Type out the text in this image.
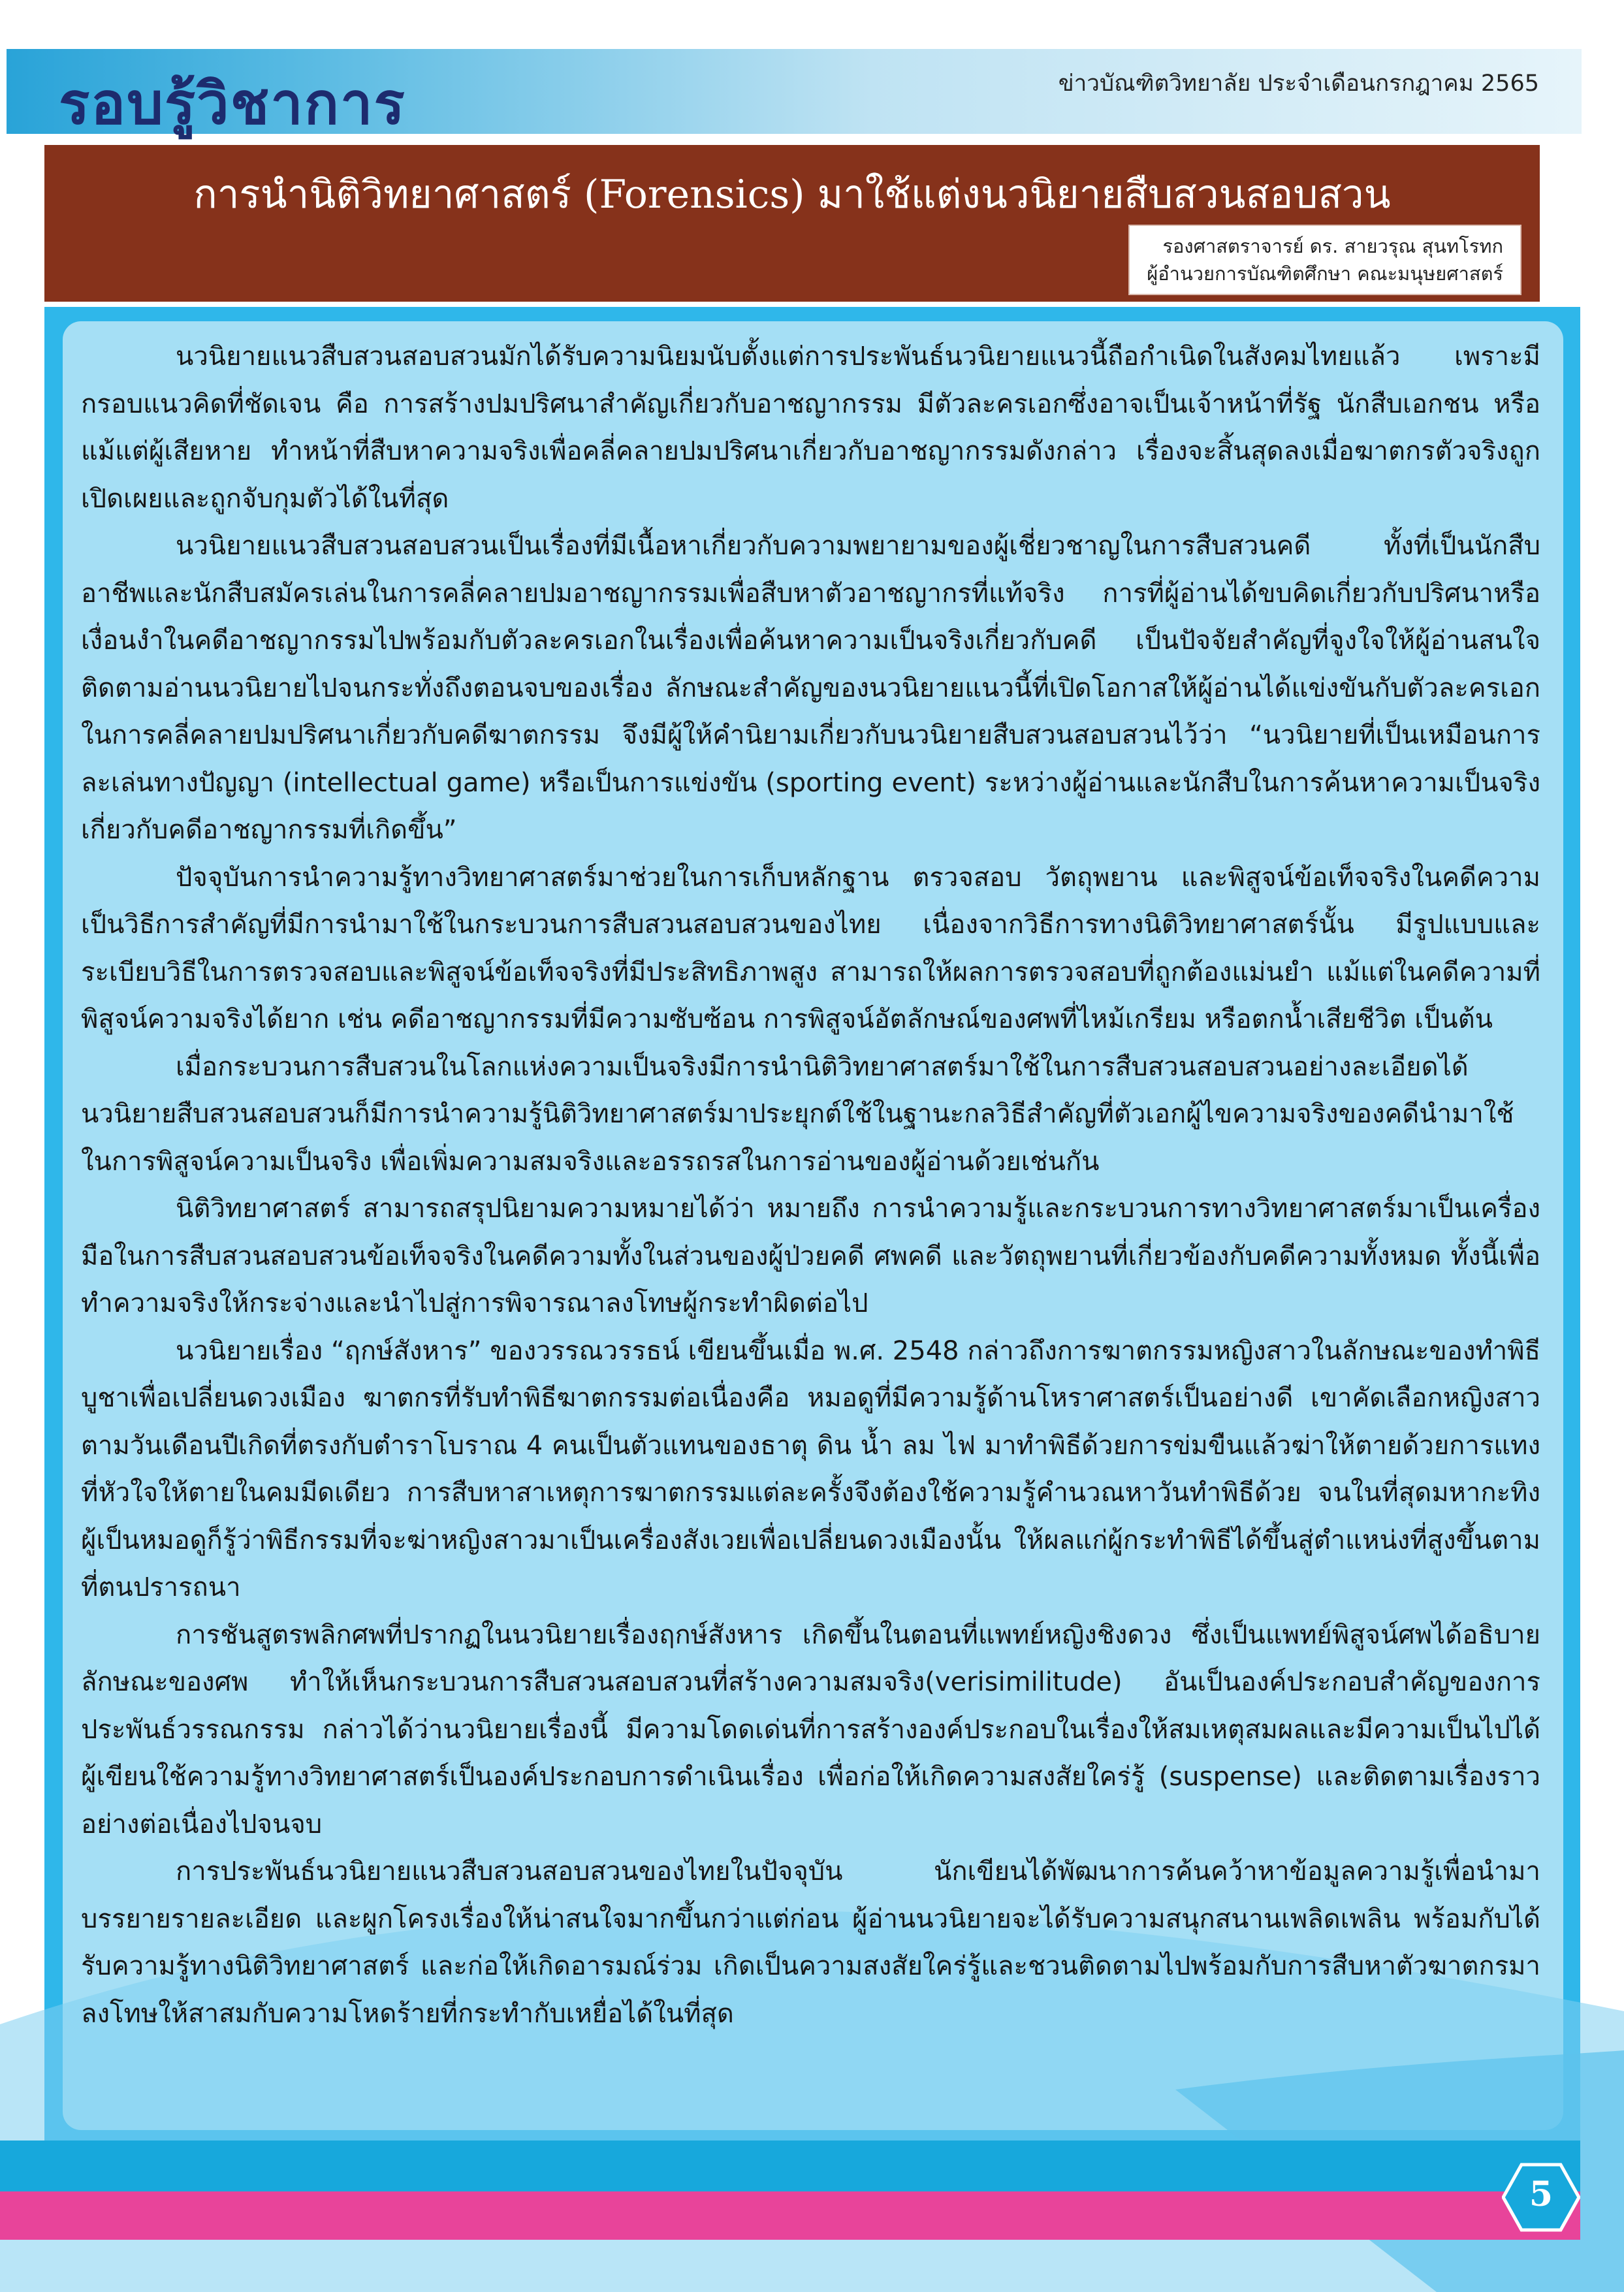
รอบรู้วิชาการ	ข่าวบัณฑิตวิทยาลัย ประจำเดือนกรกฎาคม 2565
การนำนิติวิทยาศาสตร์ (Forensics) มาใช้แต่งนวนิยายสืบสวนสอบสวน
รองศาสตราจารย์ ดร. สายวรุณ สุนทโรทก
ผู้อำนวยการบัณฑิตศึกษา คณะมนุษยศาสตร์

นวนิยายแนวสืบสวนสอบสวนมักได้รับความนิยมนับตั้งแต่การประพันธ์นวนิยายแนวนี้ถือกำเนิดในสังคมไทยแล้ว เพราะมีกรอบแนวคิดที่ชัดเจน คือ การสร้างปมปริศนาสำคัญเกี่ยวกับอาชญากรรม มีตัวละครเอกซึ่งอาจเป็นเจ้าหน้าที่รัฐ นักสืบเอกชน หรือแม้แต่ผู้เสียหาย ทำหน้าที่สืบหาความจริงเพื่อคลี่คลายปมปริศนาเกี่ยวกับอาชญากรรมดังกล่าว เรื่องจะสิ้นสุดลงเมื่อฆาตกรตัวจริงถูกเปิดเผยและถูกจับกุมตัวได้ในที่สุด

นวนิยายแนวสืบสวนสอบสวนเป็นเรื่องที่มีเนื้อหาเกี่ยวกับความพยายามของผู้เชี่ยวชาญในการสืบสวนคดี ทั้งที่เป็นนักสืบอาชีพและนักสืบสมัครเล่นในการคลี่คลายปมอาชญากรรมเพื่อสืบหาตัวอาชญากรที่แท้จริง การที่ผู้อ่านได้ขบคิดเกี่ยวกับปริศนาหรือเงื่อนงำในคดีอาชญากรรมไปพร้อมกับตัวละครเอกในเรื่องเพื่อค้นหาความเป็นจริงเกี่ยวกับคดี เป็นปัจจัยสำคัญที่จูงใจให้ผู้อ่านสนใจติดตามอ่านนวนิยายไปจนกระทั่งถึงตอนจบของเรื่อง ลักษณะสำคัญของนวนิยายแนวนี้ที่เปิดโอกาสให้ผู้อ่านได้แข่งขันกับตัวละครเอกในการคลี่คลายปมปริศนาเกี่ยวกับคดีฆาตกรรม จึงมีผู้ให้คำนิยามเกี่ยวกับนวนิยายสืบสวนสอบสวนไว้ว่า “นวนิยายที่เป็นเหมือนการละเล่นทางปัญญา (intellectual game) หรือเป็นการแข่งขัน (sporting event) ระหว่างผู้อ่านและนักสืบในการค้นหาความเป็นจริงเกี่ยวกับคดีอาชญากรรมที่เกิดขึ้น”

ปัจจุบันการนำความรู้ทางวิทยาศาสตร์มาช่วยในการเก็บหลักฐาน ตรวจสอบ วัตถุพยาน และพิสูจน์ข้อเท็จจริงในคดีความ เป็นวิธีการสำคัญที่มีการนำมาใช้ในกระบวนการสืบสวนสอบสวนของไทย เนื่องจากวิธีการทางนิติวิทยาศาสตร์นั้น มีรูปแบบและระเบียบวิธีในการตรวจสอบและพิสูจน์ข้อเท็จจริงที่มีประสิทธิภาพสูง สามารถให้ผลการตรวจสอบที่ถูกต้องแม่นยำ แม้แต่ในคดีความที่พิสูจน์ความจริงได้ยาก เช่น คดีอาชญากรรมที่มีความซับซ้อน การพิสูจน์อัตลักษณ์ของศพที่ไหม้เกรียม หรือตกน้ำเสียชีวิต เป็นต้น

เมื่อกระบวนการสืบสวนในโลกแห่งความเป็นจริงมีการนำนิติวิทยาศาสตร์มาใช้ในการสืบสวนสอบสวนอย่างละเอียดได้ นวนิยายสืบสวนสอบสวนก็มีการนำความรู้นิติวิทยาศาสตร์มาประยุกต์ใช้ในฐานะกลวิธีสำคัญที่ตัวเอกผู้ไขความจริงของคดีนำมาใช้ในการพิสูจน์ความเป็นจริง เพื่อเพิ่มความสมจริงและอรรถรสในการอ่านของผู้อ่านด้วยเช่นกัน

นิติวิทยาศาสตร์ สามารถสรุปนิยามความหมายได้ว่า หมายถึง การนำความรู้และกระบวนการทางวิทยาศาสตร์มาเป็นเครื่องมือในการสืบสวนสอบสวนข้อเท็จจริงในคดีความทั้งในส่วนของผู้ป่วยคดี ศพคดี และวัตถุพยานที่เกี่ยวข้องกับคดีความทั้งหมด ทั้งนี้เพื่อทำความจริงให้กระจ่างและนำไปสู่การพิจารณาลงโทษผู้กระทำผิดต่อไป

นวนิยายเรื่อง “ฤกษ์สังหาร” ของวรรณวรรธน์ เขียนขึ้นเมื่อ พ.ศ. 2548 กล่าวถึงการฆาตกรรมหญิงสาวในลักษณะของทำพิธีบูชาเพื่อเปลี่ยนดวงเมือง ฆาตกรที่รับทำพิธีฆาตกรรมต่อเนื่องคือ หมอดูที่มีความรู้ด้านโหราศาสตร์เป็นอย่างดี เขาคัดเลือกหญิงสาวตามวันเดือนปีเกิดที่ตรงกับตำราโบราณ 4 คนเป็นตัวแทนของธาตุ ดิน น้ำ ลม ไฟ มาทำพิธีด้วยการข่มขืนแล้วฆ่าให้ตายด้วยการแทงที่หัวใจให้ตายในคมมีดเดียว การสืบหาสาเหตุการฆาตกรรมแต่ละครั้งจึงต้องใช้ความรู้คำนวณหาวันทำพิธีด้วย จนในที่สุดมหากะทิง ผู้เป็นหมอดูก็รู้ว่าพิธีกรรมที่จะฆ่าหญิงสาวมาเป็นเครื่องสังเวยเพื่อเปลี่ยนดวงเมืองนั้น ให้ผลแก่ผู้กระทำพิธีได้ขึ้นสู่ตำแหน่งที่สูงขึ้นตามที่ตนปรารถนา

การชันสูตรพลิกศพที่ปรากฏในนวนิยายเรื่องฤกษ์สังหาร เกิดขึ้นในตอนที่แพทย์หญิงชิงดวง ซึ่งเป็นแพทย์พิสูจน์ศพได้อธิบายลักษณะของศพ ทำให้เห็นกระบวนการสืบสวนสอบสวนที่สร้างความสมจริง(verisimilitude) อันเป็นองค์ประกอบสำคัญของการประพันธ์วรรณกรรม กล่าวได้ว่านวนิยายเรื่องนี้ มีความโดดเด่นที่การสร้างองค์ประกอบในเรื่องให้สมเหตุสมผลและมีความเป็นไปได้ ผู้เขียนใช้ความรู้ทางวิทยาศาสตร์เป็นองค์ประกอบการดำเนินเรื่อง เพื่อก่อให้เกิดความสงสัยใคร่รู้ (suspense) และติดตามเรื่องราวอย่างต่อเนื่องไปจนจบ

การประพันธ์นวนิยายแนวสืบสวนสอบสวนของไทยในปัจจุบัน นักเขียนได้พัฒนาการค้นคว้าหาข้อมูลความรู้เพื่อนำมาบรรยายรายละเอียด และผูกโครงเรื่องให้น่าสนใจมากขึ้นกว่าแต่ก่อน ผู้อ่านนวนิยายจะได้รับความสนุกสนานเพลิดเพลิน พร้อมกับได้รับความรู้ทางนิติวิทยาศาสตร์ และก่อให้เกิดอารมณ์ร่วม เกิดเป็นความสงสัยใคร่รู้และชวนติดตามไปพร้อมกับการสืบหาตัวฆาตกรมาลงโทษให้สาสมกับความโหดร้ายที่กระทำกับเหยื่อได้ในที่สุด

5
